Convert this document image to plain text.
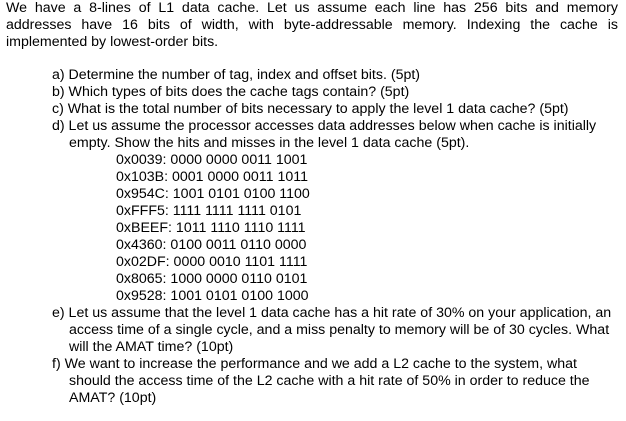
We have a 8-lines of L1 data cache. Let us assume each line has 256 bits and memory addresses have 16 bits of width, with byte-addressable memory. Indexing the cache is implemented by lowest-order bits.
a) Determine the number of tag, index and offset bits. (5pt)
b) Which types of bits does the cache tags contain? (5pt)
c) What is the total number of bits necessary to apply the level 1 data cache? (5pt)
d) Let us assume the processor accesses data addresses below when cache is initially empty. Show the hits and misses in the level 1 data cache (5pt).
0x0039: 0000 0000 0011 1001
0x103B: 0001 0000 0011 1011
0x954C: 1001 0101 0100 1100
0xFFF5: 1111 1111 1111 0101
0xBEEF: 1011 1110 1110 1111
0x4360: 0100 0011 0110 0000
0x02DF: 0000 0010 1101 1111
0x8065: 1000 0000 0110 0101
0x9528: 1001 0101 0100 1000
e) Let us assume that the level 1 data cache has a hit rate of 30% on your application, an access time of a single cycle, and a miss penalty to memory will be of 30 cycles. What will the AMAT time? (10pt)
f) We want to increase the performance and we add a L2 cache to the system, what should the access time of the L2 cache with a hit rate of 50% in order to reduce the AMAT? (10pt)
